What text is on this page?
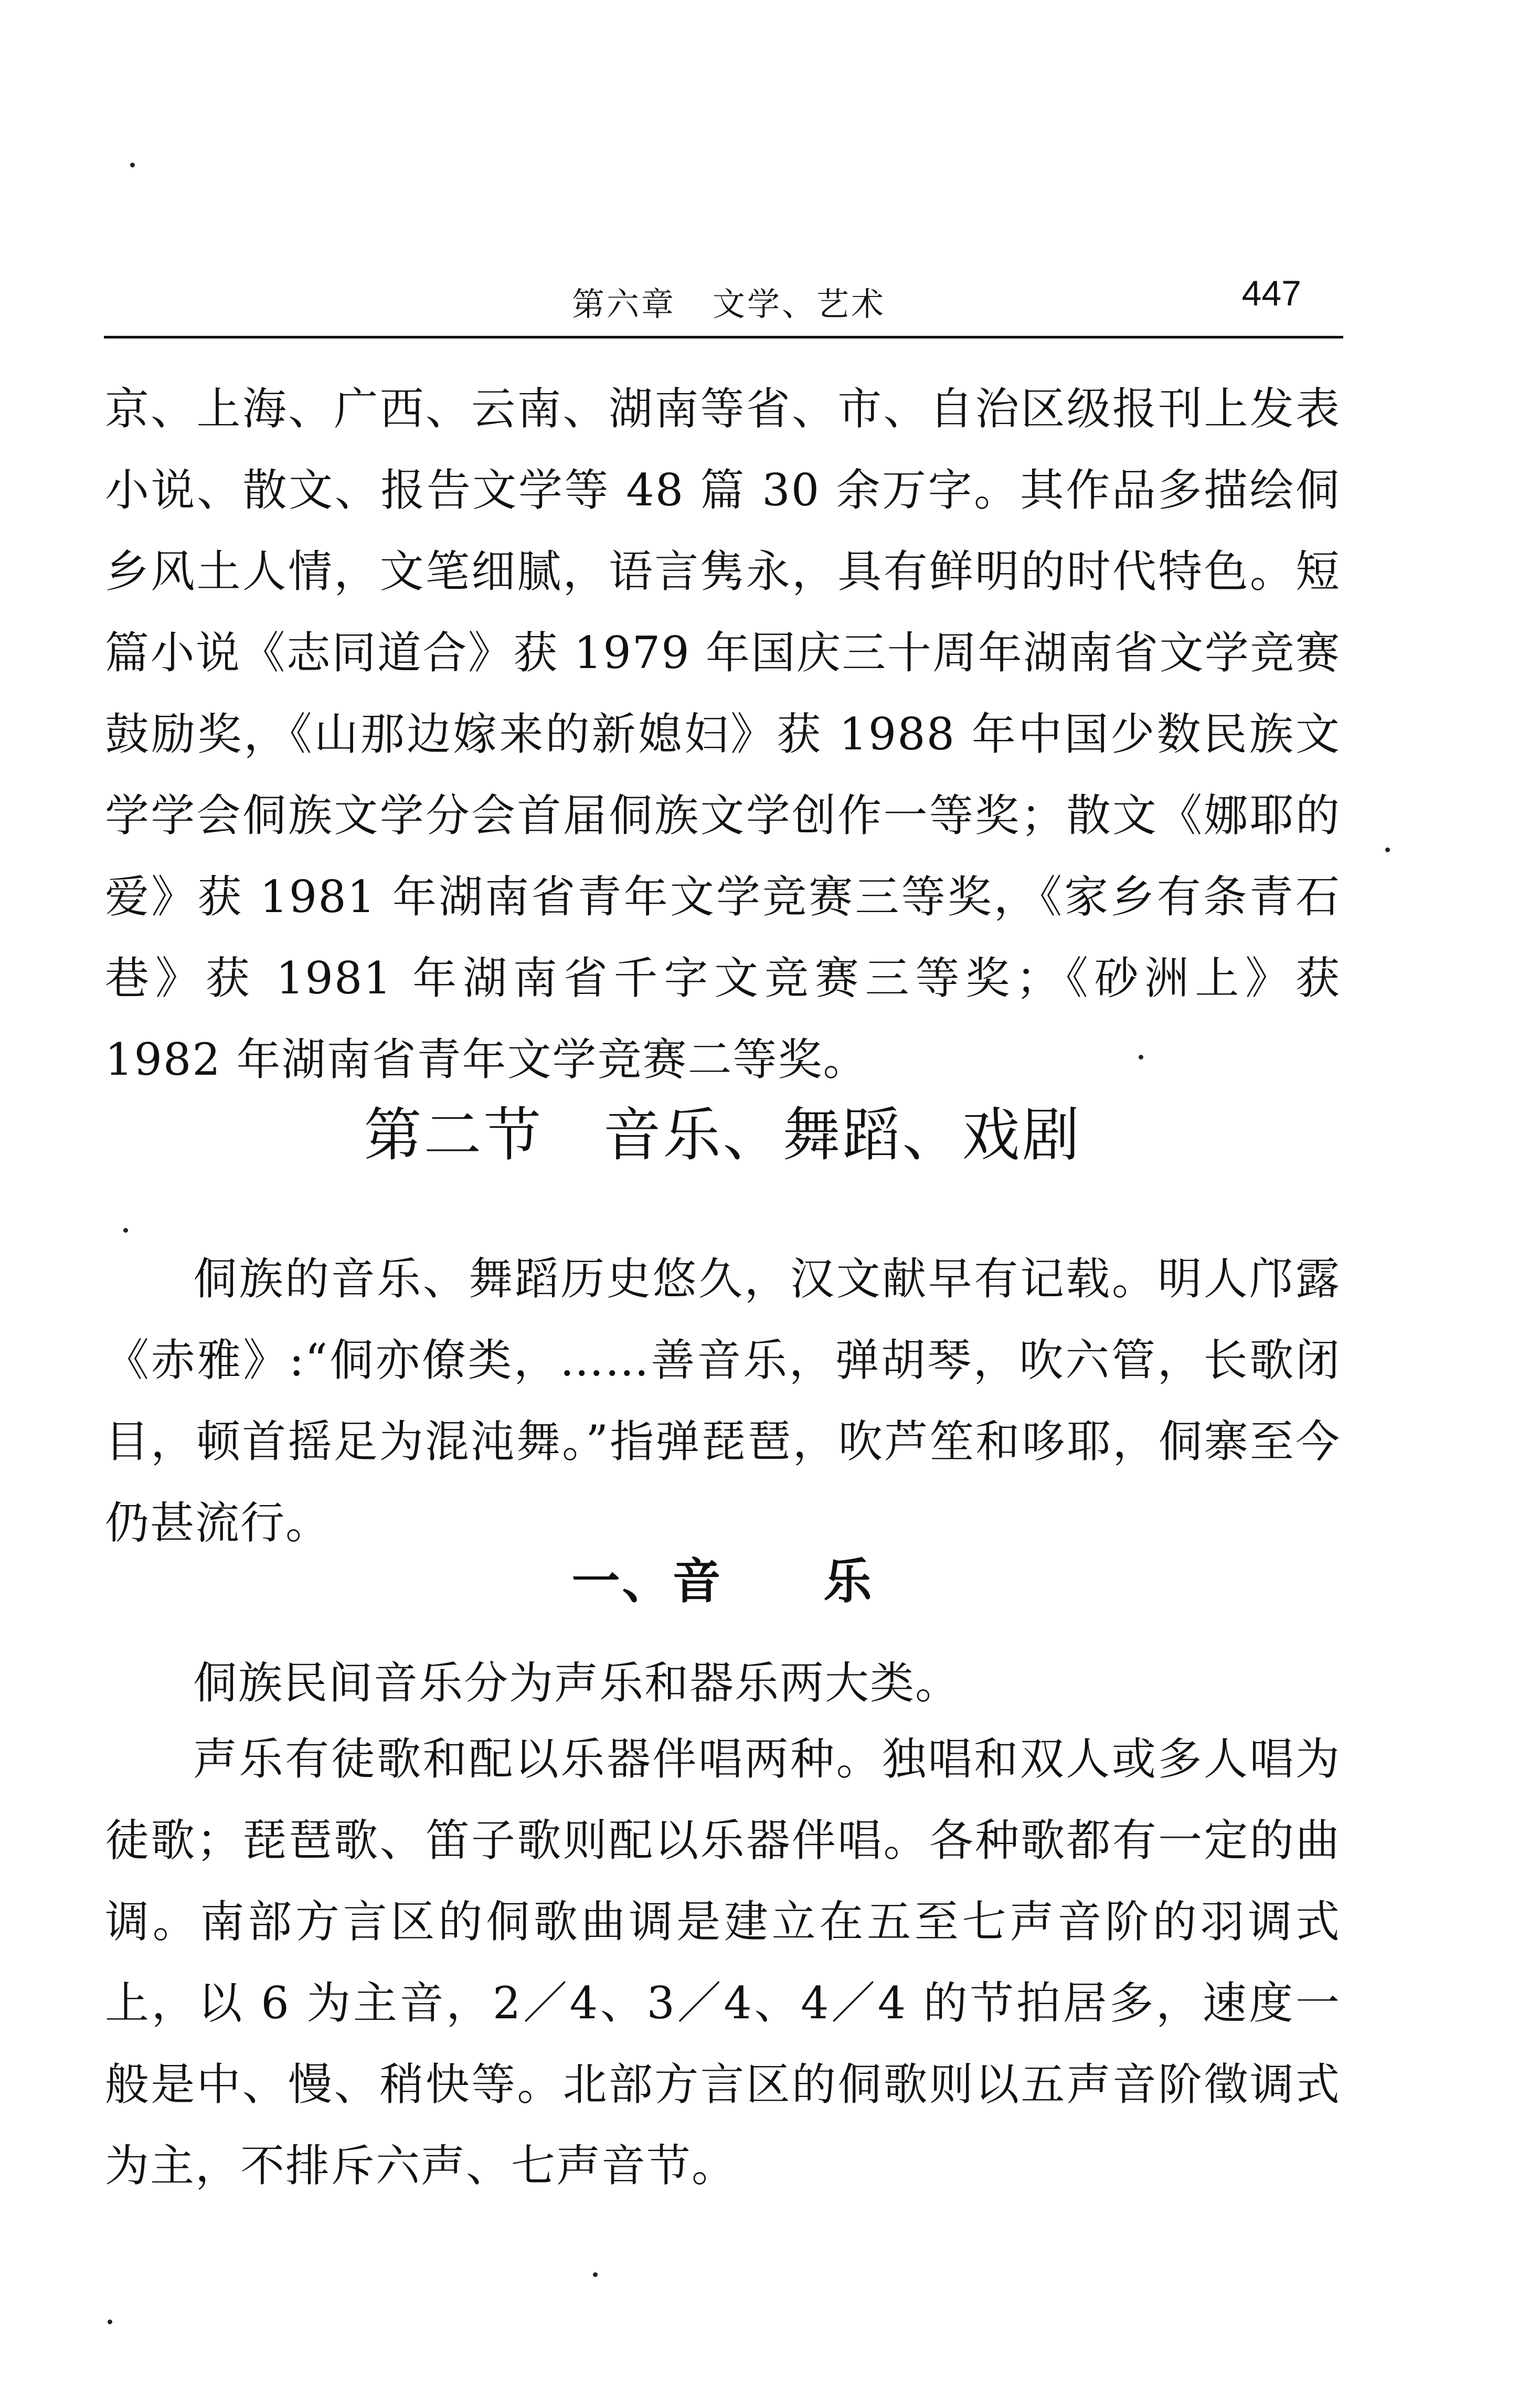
第六章 文学、艺术	447

京、上海、广西、云南、湖南等省、市、自治区级报刊上发表小说、散文、报告文学等 48 篇 30 余万字。其作品多描绘侗乡风土人情，文笔细腻，语言隽永，具有鲜明的时代特色。短篇小说《志同道合》获 1979 年国庆三十周年湖南省文学竞赛鼓励奖，《山那边嫁来的新媳妇》获 1988 年中国少数民族文学学会侗族文学分会首届侗族文学创作一等奖；散文《娜耶的爱》获 1981 年湖南省青年文学竞赛三等奖，《家乡有条青石巷》获 1981 年湖南省千字文竞赛三等奖；《砂洲上》获 1982 年湖南省青年文学竞赛二等奖。

第二节　音乐、舞蹈、戏剧

侗族的音乐、舞蹈历史悠久，汉文献早有记载。明人邝露《赤雅》:“侗亦僚类，……善音乐，弹胡琴，吹六管，长歌闭目，顿首摇足为混沌舞。”指弹琵琶，吹芦笙和哆耶，侗寨至今仍甚流行。

一、音　　乐

侗族民间音乐分为声乐和器乐两大类。

声乐有徒歌和配以乐器伴唱两种。独唱和双人或多人唱为徒歌；琵琶歌、笛子歌则配以乐器伴唱。各种歌都有一定的曲调。南部方言区的侗歌曲调是建立在五至七声音阶的羽调式上，以 6 为主音，2／4、3／4、4／4 的节拍居多，速度一般是中、慢、稍快等。北部方言区的侗歌则以五声音阶徵调式为主，不排斥六声、七声音节。
